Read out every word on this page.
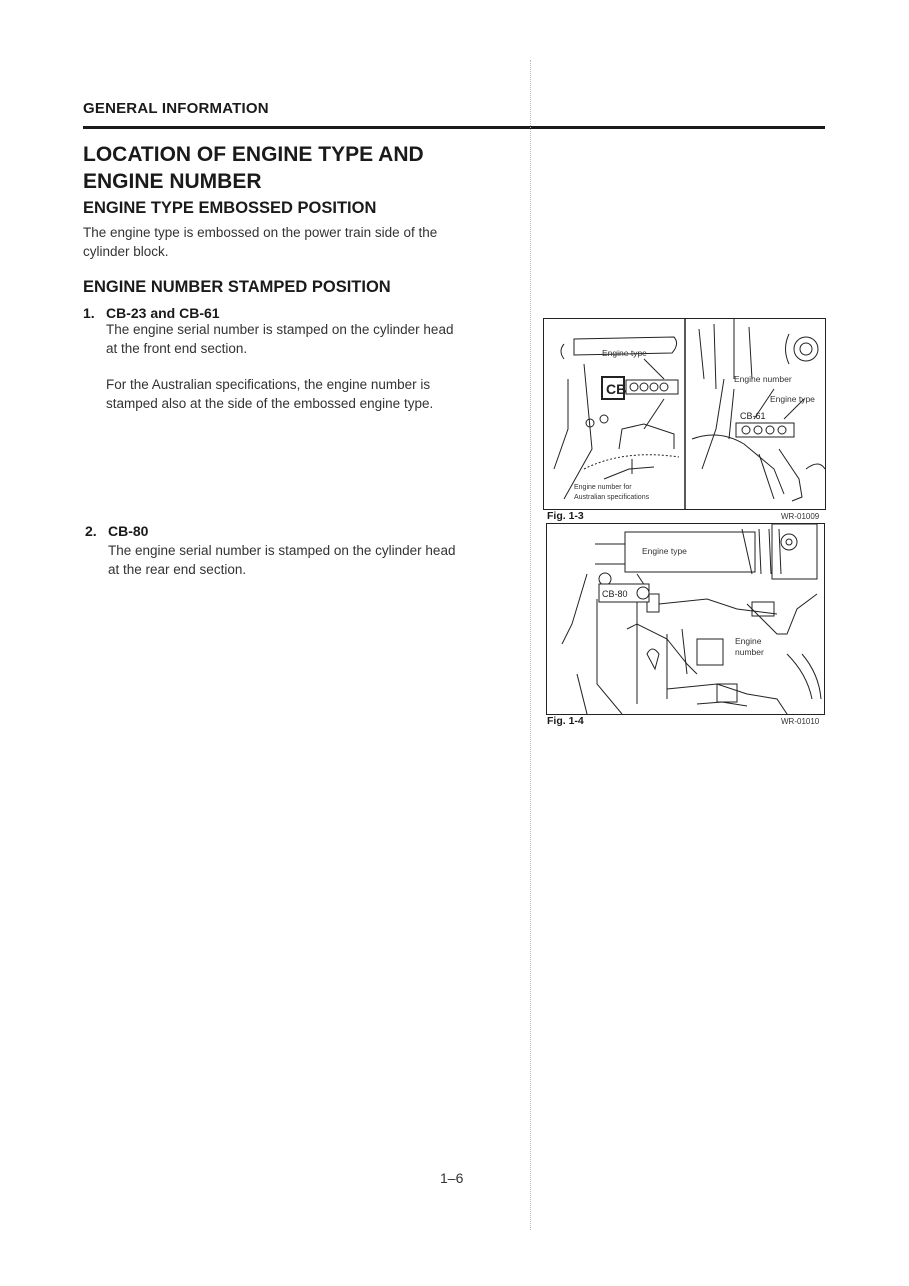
GENERAL INFORMATION
LOCATION OF ENGINE TYPE AND
ENGINE NUMBER
ENGINE TYPE EMBOSSED POSITION
The engine type is embossed on the power train side of the
cylinder block.
ENGINE NUMBER STAMPED POSITION
1. CB-23 and CB-61
The engine serial number is stamped on the cylinder head
at the front end section.
For the Australian specifications, the engine number is
stamped also at the side of the embossed engine type.
2. CB-80
The engine serial number is stamped on the cylinder head
at the rear end section.
CB
Engine type
Engine number
Engine type
CB-61
Engine number for
Australian specifications
Fig. 1-3	WR-01009
CB-80
Engine type
Engine
number
Fig. 1-4	WR-01010
1–6
